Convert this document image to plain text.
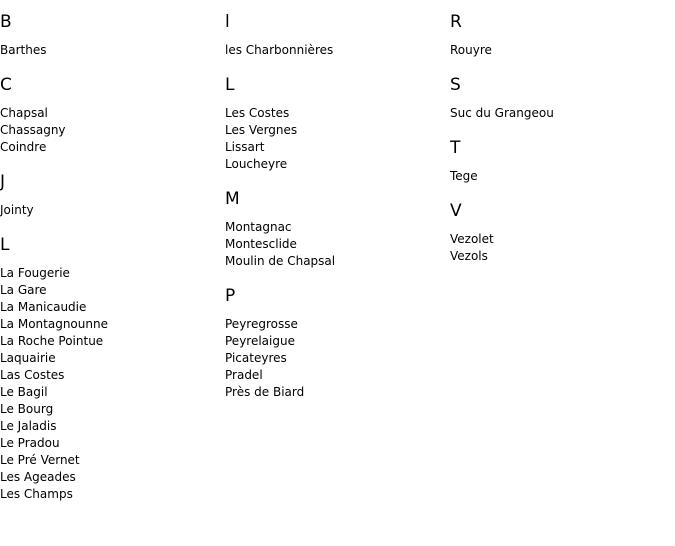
B
Barthes
C
Chapsal
Chassagny
Coindre
J
Jointy
L
La Fougerie
La Gare
La Manicaudie
La Montagnounne
La Roche Pointue
Laquairie
Las Costes
Le Bagil
Le Bourg
Le Jaladis
Le Pradou
Le Pré Vernet
Les Ageades
Les Champs
l
les Charbonnières
L
Les Costes
Les Vergnes
Lissart
Loucheyre
M
Montagnac
Montesclide
Moulin de Chapsal
P
Peyregrosse
Peyrelaigue
Picateyres
Pradel
Près de Biard
R
Rouyre
S
Suc du Grangeou
T
Tege
V
Vezolet
Vezols
